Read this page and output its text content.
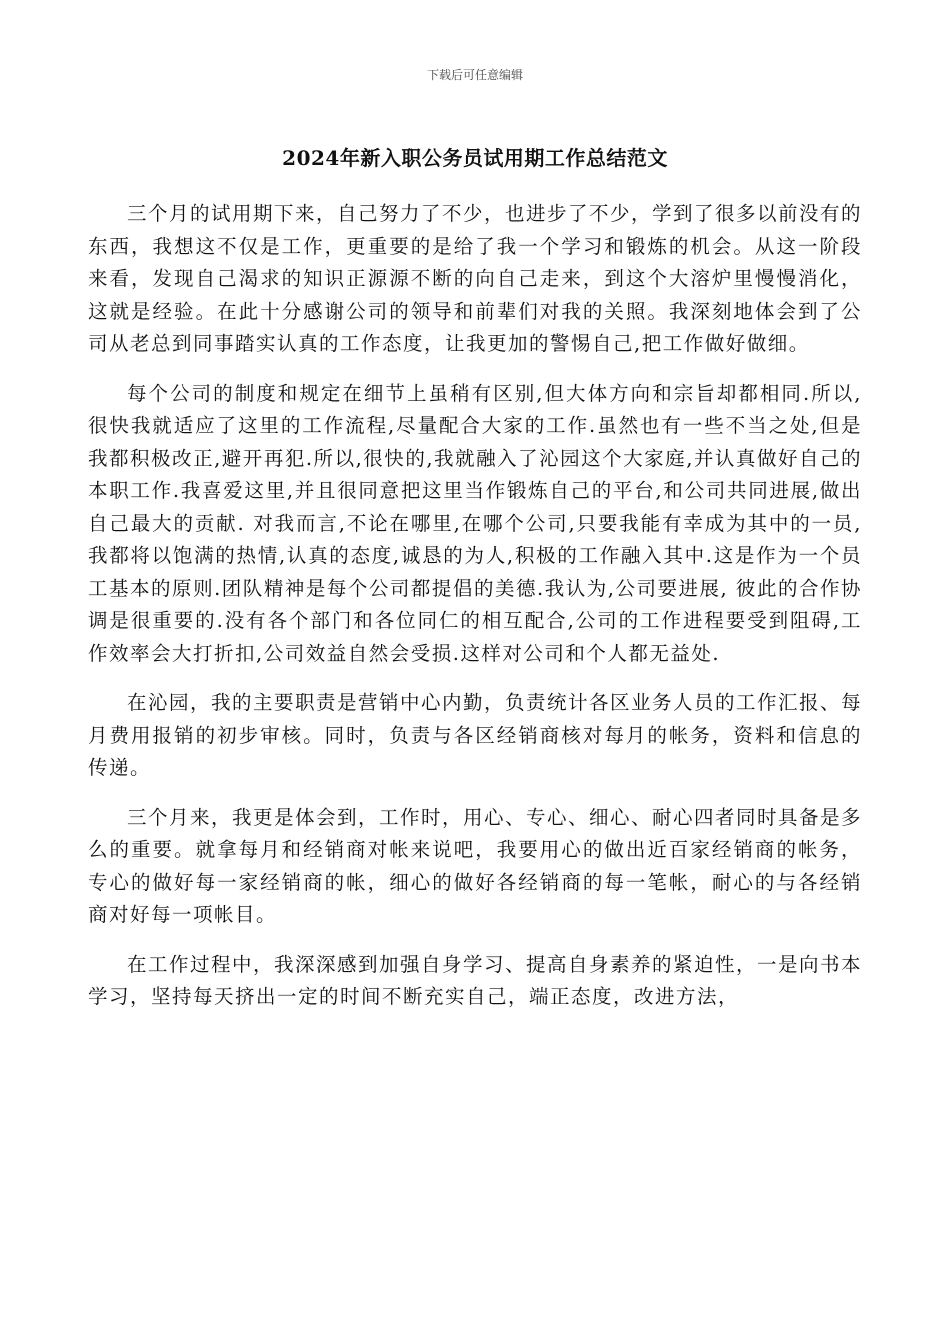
下载后可任意编辑
2024年新入职公务员试用期工作总结范文

三个月的试用期下来，自己努力了不少，也进步了不少，学到了很多以前没有的东西，我想这不仅是工作，更重要的是给了我一个学习和锻炼的机会。从这一阶段来看，发现自己渴求的知识正源源不断的向自己走来，到这个大溶炉里慢慢消化，这就是经验。在此十分感谢公司的领导和前辈们对我的关照。我深刻地体会到了公司从老总到同事踏实认真的工作态度，让我更加的警惕自己,把工作做好做细。

每个公司的制度和规定在细节上虽稍有区别,但大体方向和宗旨却都相同.所以,很快我就适应了这里的工作流程,尽量配合大家的工作.虽然也有一些不当之处,但是我都积极改正,避开再犯.所以,很快的,我就融入了沁园这个大家庭,并认真做好自己的本职工作.我喜爱这里,并且很同意把这里当作锻炼自己的平台,和公司共同进展,做出自己最大的贡献. 对我而言,不论在哪里,在哪个公司,只要我能有幸成为其中的一员,我都将以饱满的热情,认真的态度,诚恳的为人,积极的工作融入其中.这是作为一个员工基本的原则.团队精神是每个公司都提倡的美德.我认为,公司要进展, 彼此的合作协调是很重要的.没有各个部门和各位同仁的相互配合,公司的工作进程要受到阻碍,工作效率会大打折扣,公司效益自然会受损.这样对公司和个人都无益处.

在沁园，我的主要职责是营销中心内勤，负责统计各区业务人员的工作汇报、每月费用报销的初步审核。同时，负责与各区经销商核对每月的帐务，资料和信息的传递。

三个月来，我更是体会到，工作时，用心、专心、细心、耐心四者同时具备是多么的重要。就拿每月和经销商对帐来说吧，我要用心的做出近百家经销商的帐务，专心的做好每一家经销商的帐，细心的做好各经销商的每一笔帐，耐心的与各经销商对好每一项帐目。

在工作过程中，我深深感到加强自身学习、提高自身素养的紧迫性，一是向书本学习，坚持每天挤出一定的时间不断充实自己，端正态度，改进方法，
